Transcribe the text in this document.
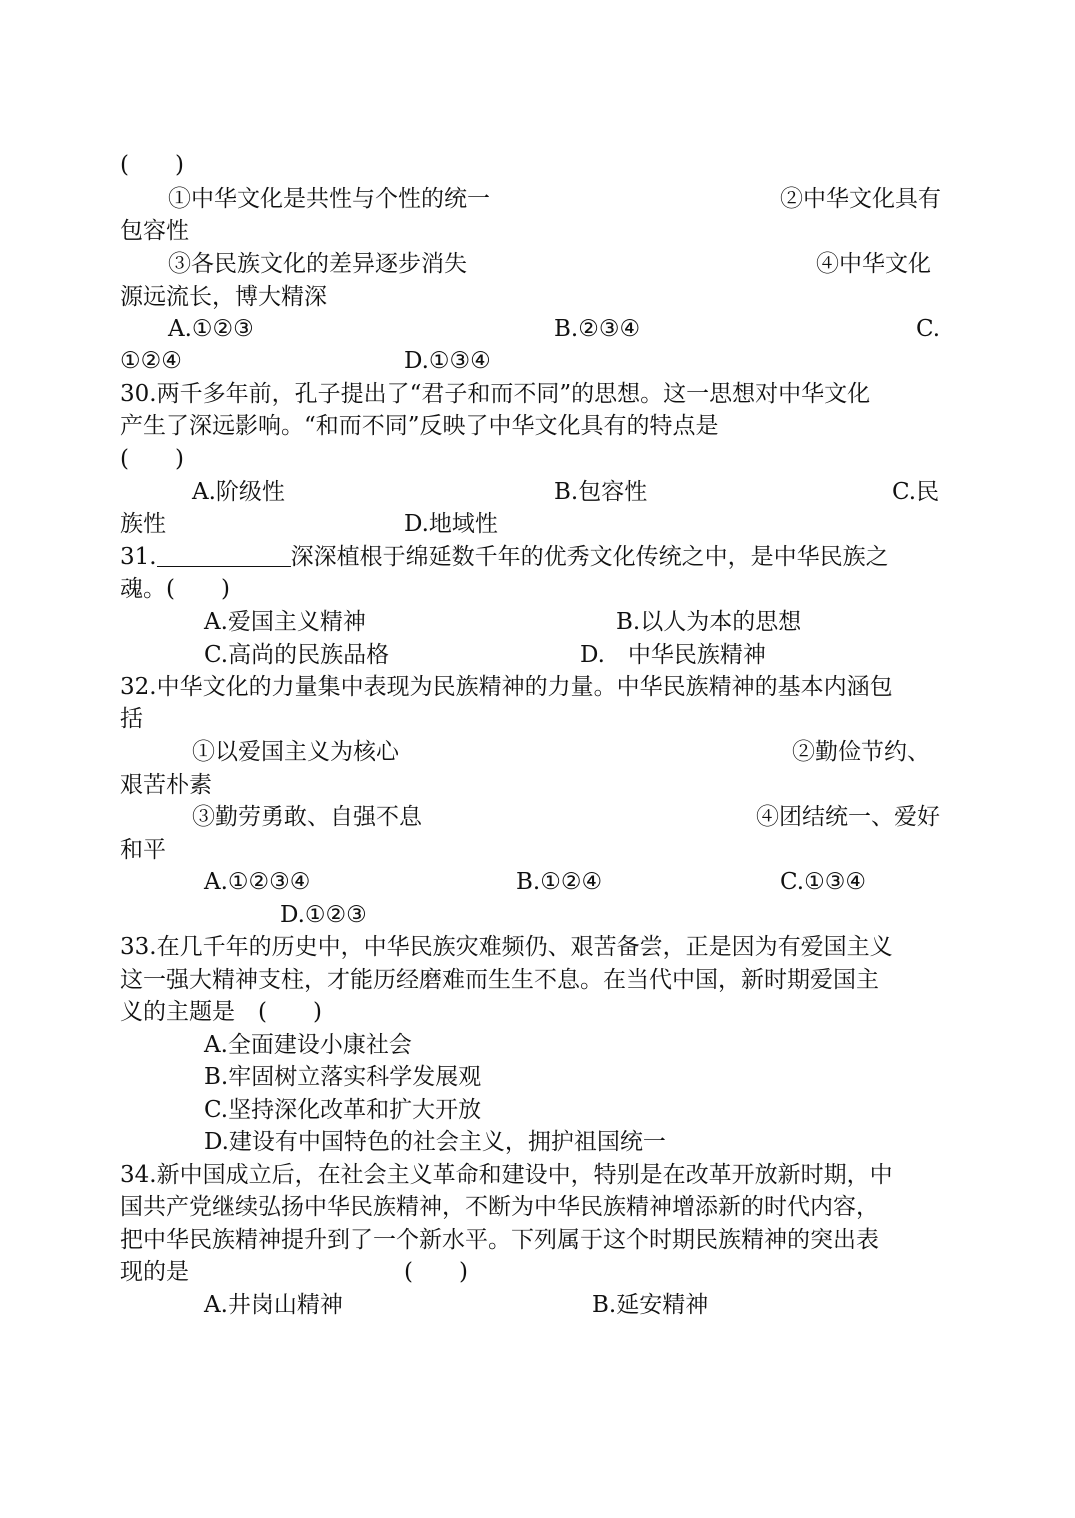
(　　)
①中华文化是共性与个性的统一	②中华文化具有
包容性
③各民族文化的差异逐步消失	④中华文化
源远流长，博大精深
A.①②③	B.②③④	C.
①②④	D.①③④
30.两千多年前，孔子提出了“君子和而不同”的思想。这一思想对中华文化
产生了深远影响。“和而不同”反映了中华文化具有的特点是
(　　)
A.阶级性	B.包容性	C.民
族性	D.地域性
31.	深深植根于绵延数千年的优秀文化传统之中，是中华民族之
魂。(　　)
A.爱国主义精神	B.以人为本的思想
C.高尚的民族品格	D.　中华民族精神
32.中华文化的力量集中表现为民族精神的力量。中华民族精神的基本内涵包
括
①以爱国主义为核心	②勤俭节约、
艰苦朴素
③勤劳勇敢、自强不息	④团结统一、爱好
和平
A.①②③④	B.①②④	C.①③④
D.①②③
33.在几千年的历史中，中华民族灾难频仍、艰苦备尝，正是因为有爱国主义
这一强大精神支柱，才能历经磨难而生生不息。在当代中国，新时期爱国主
义的主题是　(　　)
A.全面建设小康社会
B.牢固树立落实科学发展观
C.坚持深化改革和扩大开放
D.建设有中国特色的社会主义，拥护祖国统一
34.新中国成立后，在社会主义革命和建设中，特别是在改革开放新时期，中
国共产党继续弘扬中华民族精神，不断为中华民族精神增添新的时代内容，
把中华民族精神提升到了一个新水平。下列属于这个时期民族精神的突出表
现的是	(　　)
A.井岗山精神	B.延安精神
